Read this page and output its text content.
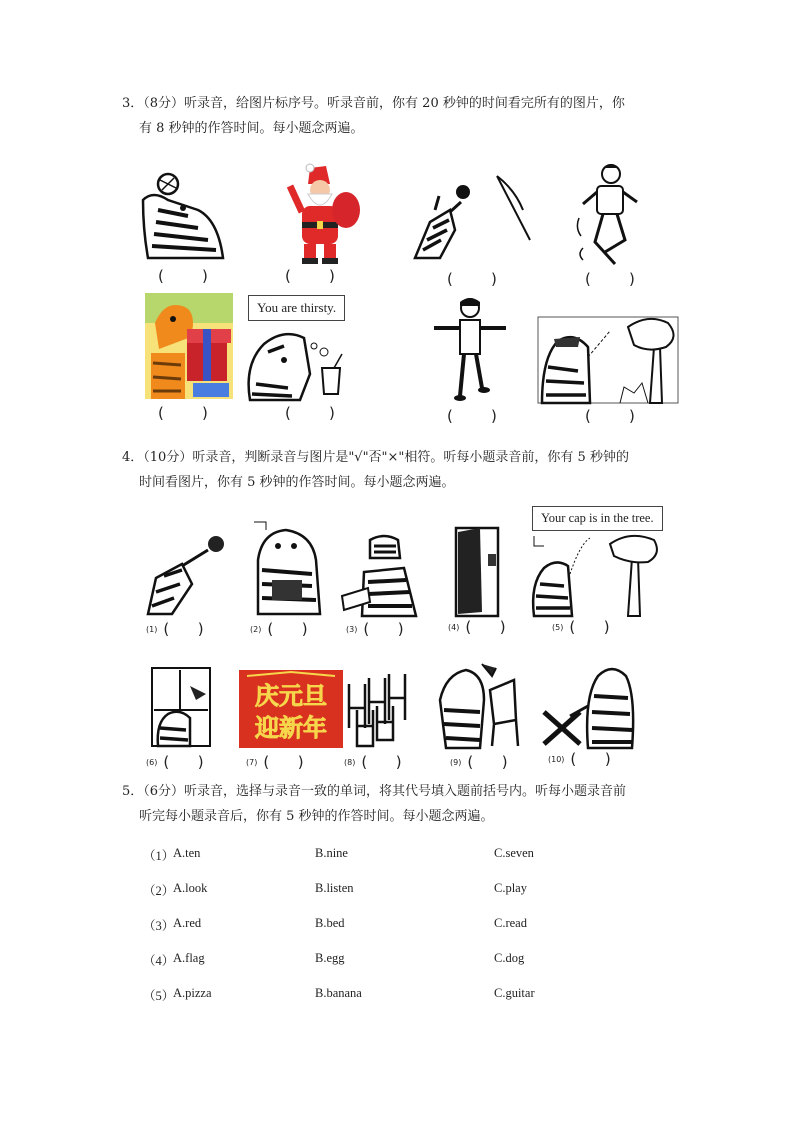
3．（8分）听录音，给图片标序号。听录音前，你有 20 秒钟的时间看完所有的图片，你
有 8 秒钟的作答时间。每小题念两遍。
(        )	(        )	(        )	(        )
You are thirsty.
(        )	(        )	(        )	(        )
4．（10分）听录音，判断录音与图片是"√"否"×"相符。听每小题录音前，你有 5 秒钟的
时间看图片，你有 5 秒钟的作答时间。每小题念两遍。
Your cap is in the tree.
(1) (      )	(2) (      )	(3) (      )	(4) (      )	(5) (      )
庆元旦
迎新年
(6) (      )	(7) (      )	(8) (      )	(9) (      )	(10) (      )
5．（6分）听录音，选择与录音一致的单词，将其代号填入题前括号内。听每小题录音前
听完每小题录音后，你有 5 秒钟的作答时间。每小题念两遍。
（1）
A.ten	B.nine	C.seven
（2）
A.look	B.listen	C.play
（3）
A.red	B.bed	C.read
（4）
A.flag	B.egg	C.dog
（5）
A.pizza	B.banana	C.guitar
